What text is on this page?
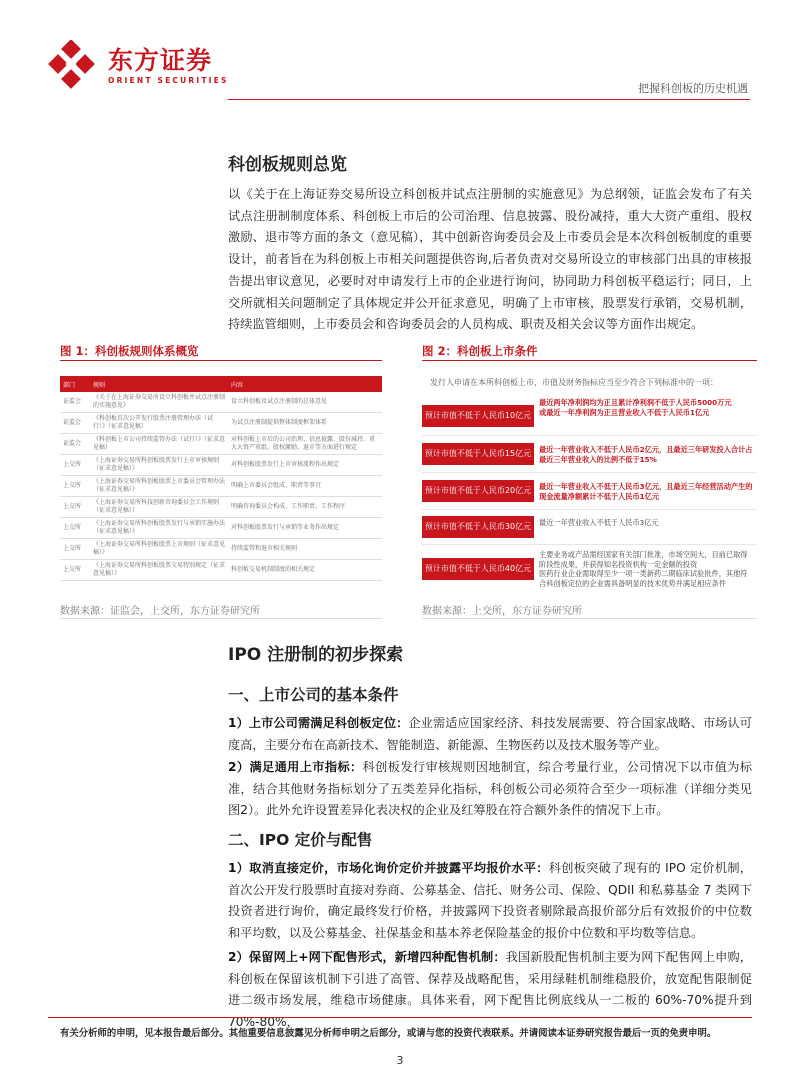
东方证券
ORIENT SECURITIES
把握科创板的历史机遇
科创板规则总览
以《关于在上海证券交易所设立科创板并试点注册制的实施意见》为总纲领，证监会发布了有关试点注册制制度体系、科创板上市后的公司治理、信息披露、股份减持，重大大资产重组、股权激励、退市等方面的条文（意见稿），其中创新咨询委员会及上市委员会是本次科创板制度的重要设计，前者旨在为科创板上市相关问题提供咨询,后者负责对交易所设立的审核部门出具的审核报告提出审议意见，必要时对申请发行上市的企业进行询问，协同助力科创板平稳运行；同日，上交所就相关问题制定了具体规定并公开征求意见，明确了上市审核，股票发行承销，交易机制，持续监管细则，上市委员会和咨询委员会的人员构成、职责及相关会议等方面作出规定。
图 1：科创板规则体系概览
部门	规则	内容
证监会	《关于在上海证券交易所设立科创板并试点注册制的实施意见》	设立科创板及试点注册制的总体意见
证监会	《科创板首次公开发行股票注册管理办法（试行）》（征求意见稿）	为试点注册制提供整体制度框架体系
证监会	《科创板上市公司持续监管办法（试行）》（征求意见稿）	对科创板上市后的公司治理、信息披露、股份减持、重大大资产重组、股权激励、退市等方面进行规定
上交所	《上海证券交易所科创板股票发行上市审核规则（征求意见稿）》	对科创板股票发行上市审核流程作出规定
上交所	《上海证券交易所科创板股票上市委员会管理办法（征求意见稿）》	明确上市委员会组成、职责等事宜
上交所	《上海证券交易所科技创新咨询委员会工作规则（征求意见稿）》	明确咨询委员会构成、工作职责、工作程序
上交所	《上海证券交易所科创板股票发行与承销实施办法（征求意见稿）》	对科创板股票发行与承销等业务作出规定
上交所	《上海证券交易所科创板股票上市规则（征求意见稿）》	持续监管和退市相关规则
上交所	《上海证券交易所科创板股票交易特别规定（征求意见稿）》	科创板交易机制制度的相关规定
数据来源：证监会，上交所，东方证券研究所
图 2：科创板上市条件
发行人申请在本所科创板上市，市值及财务指标应当至少符合下列标准中的一项：
预计市值不低于人民币10亿元
最近两年净利润均为正且累计净利润不低于人民币5000万元
或最近一年净利润为正且营业收入不低于人民币1亿元
预计市值不低于人民币15亿元	最近一年营业收入不低于人民币2亿元，且最近三年研发投入合计占最近三年营业收入的比例不低于15%
预计市值不低于人民币20亿元	最近一年营业收入不低于人民币3亿元，且最近三年经营活动产生的现金流量净额累计不低于人民币1亿元
预计市值不低于人民币30亿元	最近一年营业收入不低于人民币3亿元
预计市值不低于人民币40亿元
主要业务或产品需经国家有关部门批准，市场空间大，目前已取得阶段性成果，并获得知名投资机构一定金额的投资
医药行业企业需取得至少一项一类新药二期临床试验批件，其他符合科创板定位的企业需具备明显的技术优势并满足相应条件
数据来源：上交所，东方证券研究所
IPO 注册制的初步探索
一、上市公司的基本条件
1）上市公司需满足科创板定位：企业需适应国家经济、科技发展需要、符合国家战略、市场认可度高，主要分布在高新技术、智能制造、新能源、生物医药以及技术服务等产业。
2）满足通用上市指标：科创板发行审核规则因地制宜，综合考量行业，公司情况下以市值为标准，结合其他财务指标划分了五类差异化指标，科创板公司必须符合至少一项标准（详细分类见图2）。此外允许设置差异化表决权的企业及红筹股在符合额外条件的情况下上市。
二、IPO 定价与配售
1）取消直接定价，市场化询价定价并披露平均报价水平：科创板突破了现有的 IPO 定价机制，首次公开发行股票时直接对券商、公募基金、信托、财务公司、保险、QDII 和私募基金 7 类网下投资者进行询价，确定最终发行价格，并披露网下投资者剔除最高报价部分后有效报价的中位数和平均数，以及公募基金、社保基金和基本养老保险基金的报价中位数和平均数等信息。
2）保留网上+网下配售形式，新增四种配售机制：我国新股配售机制主要为网下配售网上申购，科创板在保留该机制下引进了高管、保荐及战略配售，采用绿鞋机制维稳股价，放宽配售限制促进二级市场发展，维稳市场健康。具体来看，网下配售比例底线从一二板的 60%-70%提升到 70%-80%，
有关分析师的申明，见本报告最后部分。其他重要信息披露见分析师申明之后部分，或请与您的投资代表联系。并请阅读本证券研究报告最后一页的免责申明。
3
